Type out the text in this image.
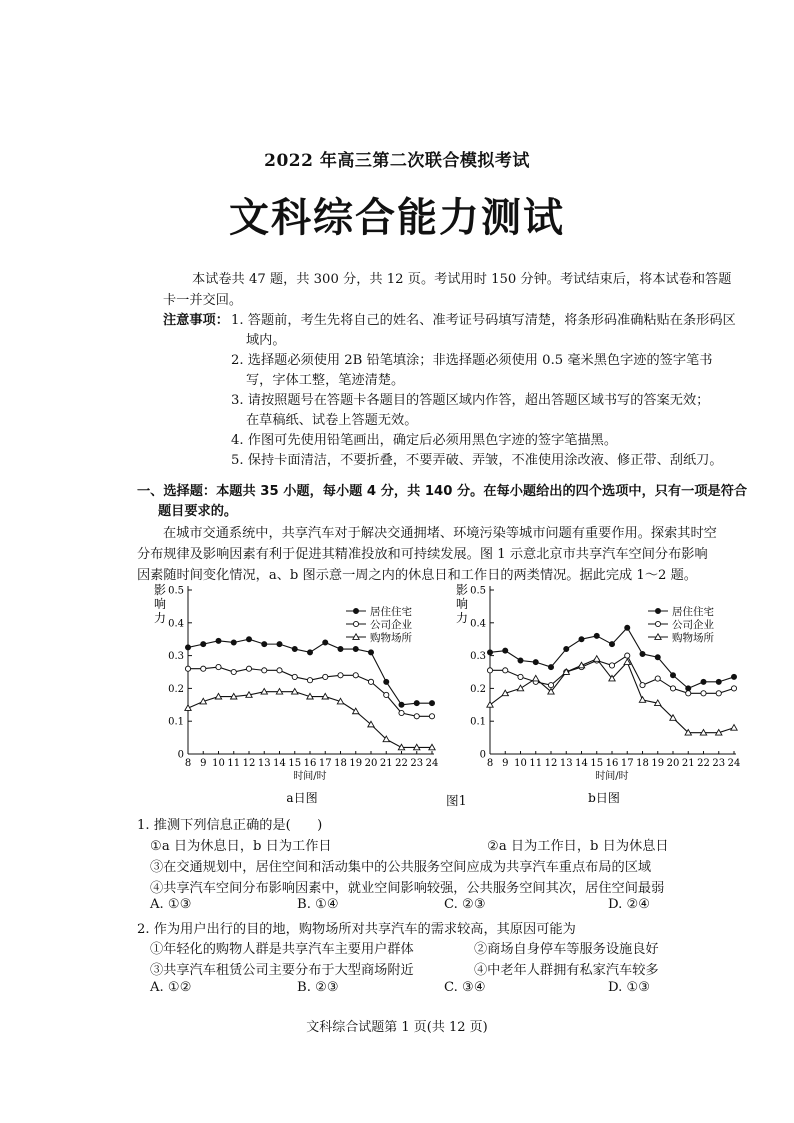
2022 年高三第二次联合模拟考试
文科综合能力测试
本试卷共 47 题，共 300 分，共 12 页。考试用时 150 分钟。考试结束后，将本试卷和答题
卡一并交回。
注意事项： 1. 答题前，考生先将自己的姓名、准考证号码填写清楚，将条形码准确粘贴在条形码区
域内。
2. 选择题必须使用 2B 铅笔填涂；非选择题必须使用 0.5 毫米黑色字迹的签字笔书
写，字体工整，笔迹清楚。
3. 请按照题号在答题卡各题目的答题区域内作答，超出答题区域书写的答案无效；
在草稿纸、试卷上答题无效。
4. 作图可先使用铅笔画出，确定后必须用黑色字迹的签字笔描黑。
5. 保持卡面清洁，不要折叠，不要弄破、弄皱，不准使用涂改液、修正带、刮纸刀。
一、选择题：本题共 35 小题，每小题 4 分，共 140 分。在每小题给出的四个选项中，只有一项是符合
题目要求的。
在城市交通系统中，共享汽车对于解决交通拥堵、环境污染等城市问题有重要作用。探索其时空
分布规律及影响因素有利于促进其精准投放和可持续发展。图 1 示意北京市共享汽车空间分布影响
因素随时间变化情况，a、b 图示意一周之内的休息日和工作日的两类情况。据此完成 1～2 题。
0
0.1
0.2
0.3
0.4
0.5
影
响
力
8 9 10 11 12 13 14 15 16 17 18 19 20 21 22 23 24
时间/时
居住住宅
公司企业
购物场所
a日图
0
0.1
0.2
0.3
0.4
0.5
影
响
力
8 9 10 11 12 13 14 15 16 17 18 19 20 21 22 23 24
时间/时
居住住宅
公司企业
购物场所
b日图
图1
1. 推测下列信息正确的是(　　)
①a 日为休息日，b 日为工作日	②a 日为工作日，b 日为休息日
③在交通规划中，居住空间和活动集中的公共服务空间应成为共享汽车重点布局的区域
④共享汽车空间分布影响因素中，就业空间影响较强，公共服务空间其次，居住空间最弱
A. ①③	B. ①④	C. ②③	D. ②④
2. 作为用户出行的目的地，购物场所对共享汽车的需求较高，其原因可能为
①年轻化的购物人群是共享汽车主要用户群体	②商场自身停车等服务设施良好
③共享汽车租赁公司主要分布于大型商场附近	④中老年人群拥有私家汽车较多
A. ①②	B. ②③	C. ③④	D. ①③
文科综合试题第 1 页(共 12 页)
